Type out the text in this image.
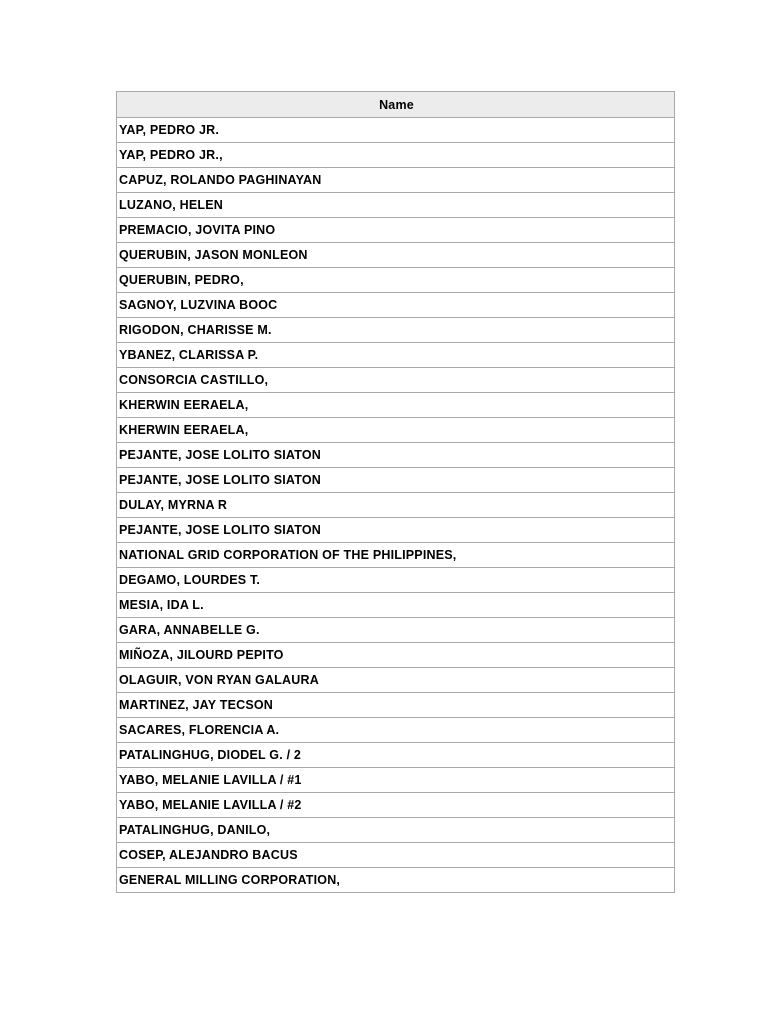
Name
YAP, PEDRO JR.
YAP, PEDRO JR.,
CAPUZ, ROLANDO PAGHINAYAN
LUZANO, HELEN
PREMACIO, JOVITA PINO
QUERUBIN, JASON MONLEON
QUERUBIN, PEDRO,
SAGNOY, LUZVINA BOOC
RIGODON, CHARISSE M.
YBANEZ, CLARISSA P.
CONSORCIA CASTILLO,
KHERWIN EERAELA,
KHERWIN EERAELA,
PEJANTE, JOSE LOLITO SIATON
PEJANTE, JOSE LOLITO SIATON
DULAY, MYRNA R
PEJANTE, JOSE LOLITO SIATON
NATIONAL GRID CORPORATION OF THE PHILIPPINES,
DEGAMO, LOURDES T.
MESIA, IDA L.
GARA, ANNABELLE G.
MIÑOZA, JILOURD PEPITO
OLAGUIR, VON RYAN GALAURA
MARTINEZ, JAY TECSON
SACARES, FLORENCIA A.
PATALINGHUG, DIODEL G. / 2
YABO, MELANIE LAVILLA / #1
YABO, MELANIE LAVILLA / #2
PATALINGHUG, DANILO,
COSEP, ALEJANDRO BACUS
GENERAL MILLING CORPORATION,
